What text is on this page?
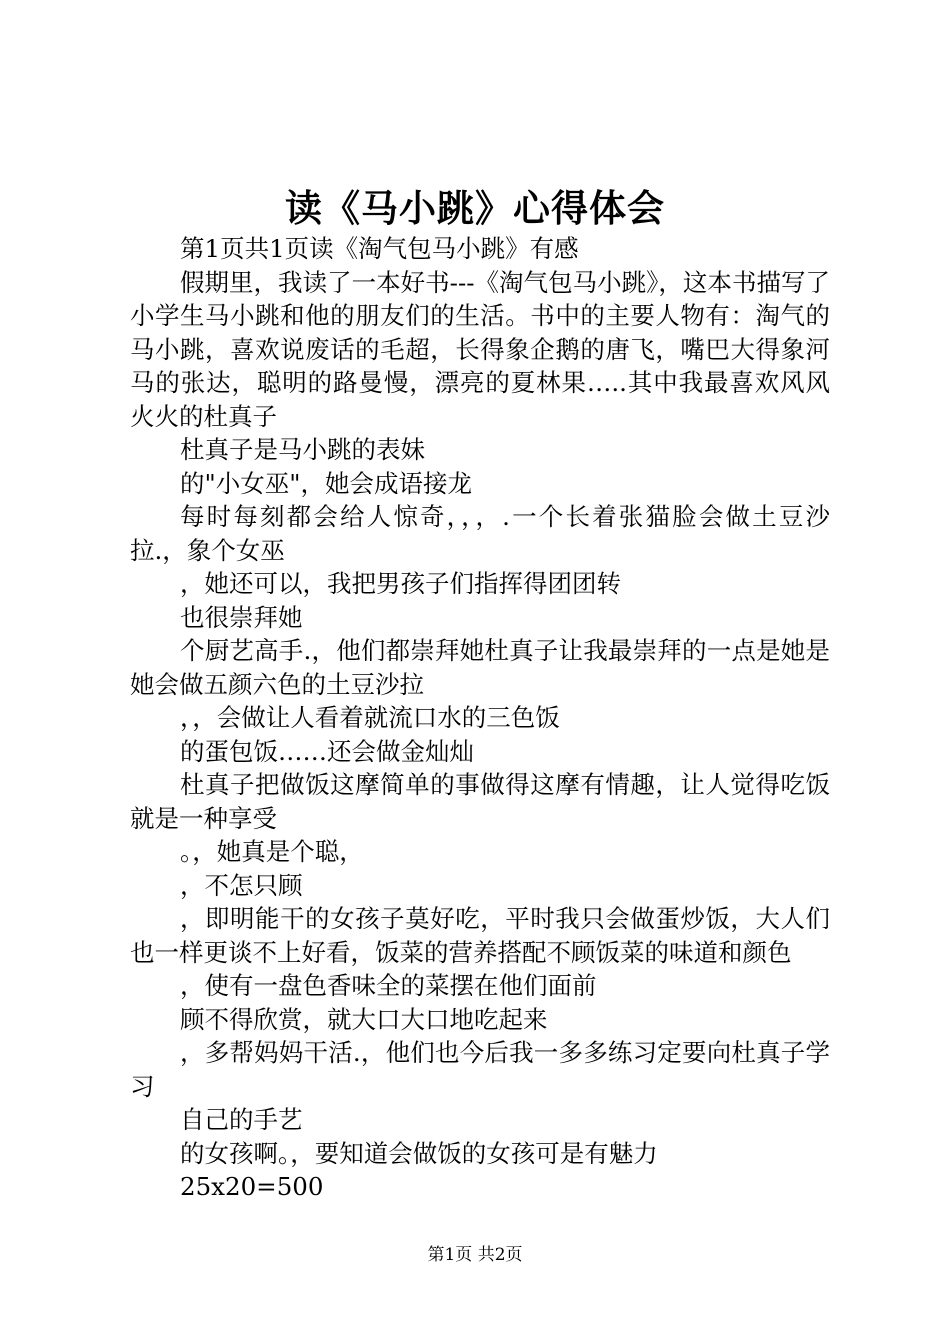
读《马小跳》心得体会

第1页共1页读《淘气包马小跳》有感

假期里，我读了一本好书---《淘气包马小跳》，这本书描写了小学生马小跳和他的朋友们的生活。书中的主要人物有：淘气的马小跳，喜欢说废话的毛超，长得象企鹅的唐飞，嘴巴大得象河马的张达，聪明的路曼慢，漂亮的夏林果…..其中我最喜欢风风火火的杜真子

杜真子是马小跳的表妹

的"小女巫"，她会成语接龙

每时每刻都会给人惊奇，，，.一个长着张猫脸会做土豆沙拉.，象个女巫

，她还可以，我把男孩子们指挥得团团转

也很崇拜她

个厨艺高手.，他们都崇拜她杜真子让我最崇拜的一点是她是她会做五颜六色的土豆沙拉

，，会做让人看着就流口水的三色饭

的蛋包饭……还会做金灿灿

杜真子把做饭这摩简单的事做得这摩有情趣，让人觉得吃饭就是一种享受

。，她真是个聪，

，不怎只顾

，即明能干的女孩子莫好吃，平时我只会做蛋炒饭，大人们也一样更谈不上好看，饭菜的营养搭配不顾饭菜的味道和颜色

，使有一盘色香味全的菜摆在他们面前

顾不得欣赏，就大口大口地吃起来

，多帮妈妈干活.，他们也今后我一多多练习定要向杜真子学习

自己的手艺

的女孩啊。，要知道会做饭的女孩可是有魅力

25x20=500

第1页 共2页
